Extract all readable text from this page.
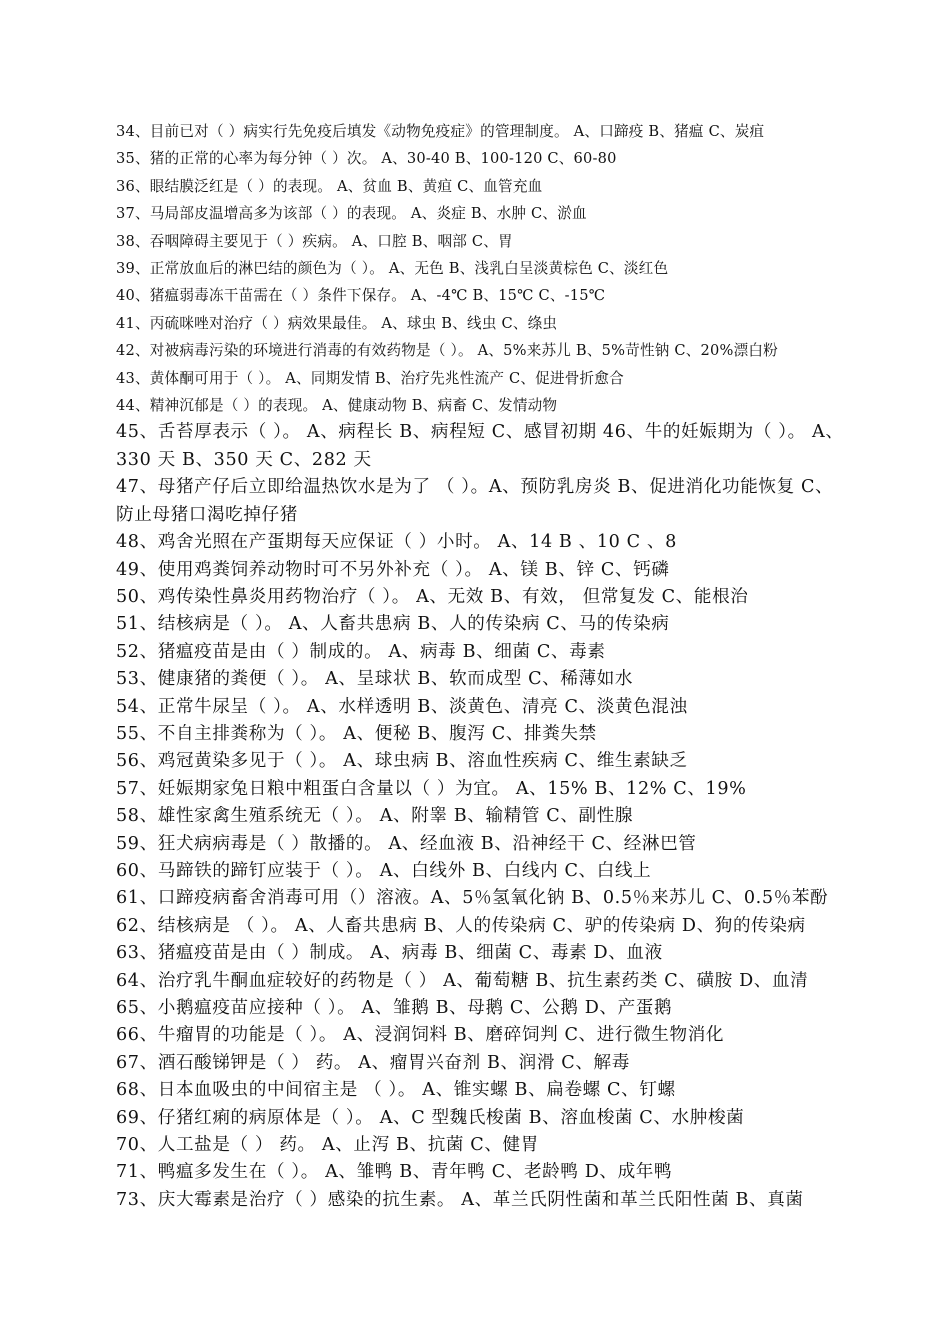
34、目前已对（ ）病实行先免疫后填发《动物免疫症》的管理制度。 A、口蹄疫 B、猪瘟 C、炭疽
35、猪的正常的心率为每分钟（ ）次。 A、30-40 B、100-120 C、60-80
36、眼结膜泛红是（ ）的表现。 A、贫血 B、黄疸 C、血管充血
37、马局部皮温增高多为该部（ ）的表现。 A、炎症 B、水肿 C、淤血
38、吞咽障碍主要见于（ ）疾病。 A、口腔 B、咽部 C、胃
39、正常放血后的淋巴结的颜色为（ ）。 A、无色 B、浅乳白呈淡黄棕色 C、淡红色
40、猪瘟弱毒冻干苗需在（ ）条件下保存。 A、-4℃ B、15℃ C、-15℃
41、丙硫咪唑对治疗（ ）病效果最佳。 A、球虫 B、线虫 C、绦虫
42、对被病毒污染的环境进行消毒的有效药物是（ ）。 A、5%来苏儿 B、5%苛性钠 C、20%漂白粉
43、黄体酮可用于（ ）。 A、同期发情 B、治疗先兆性流产 C、促进骨折愈合
44、精神沉郁是（ ）的表现。 A、健康动物 B、病畜 C、发情动物
45、舌苔厚表示（ ）。 A、病程长 B、病程短 C、感冒初期 46、牛的妊娠期为（ ）。 A、330 天 B、350 天 C、282 天
47、母猪产仔后立即给温热饮水是为了 （ ）。A、预防乳房炎 B、促进消化功能恢复 C、防止母猪口渴吃掉仔猪
48、鸡舍光照在产蛋期每天应保证（ ）小时。 A、14 B 、10 C 、8
49、使用鸡粪饲养动物时可不另外补充（ ）。 A、镁 B、锌 C、钙磷
50、鸡传染性鼻炎用药物治疗（ ）。 A、无效 B、有效， 但常复发 C、能根治
51、结核病是（ ）。 A、人畜共患病 B、人的传染病 C、马的传染病
52、猪瘟疫苗是由（ ）制成的。 A、病毒 B、细菌 C、毒素
53、健康猪的粪便（ ）。 A、呈球状 B、软而成型 C、稀薄如水
54、正常牛尿呈（ ）。 A、水样透明 B、淡黄色、清亮 C、淡黄色混浊
55、不自主排粪称为（ ）。 A、便秘 B、腹泻 C、排粪失禁
56、鸡冠黄染多见于（ ）。 A、球虫病 B、溶血性疾病 C、维生素缺乏
57、妊娠期家兔日粮中粗蛋白含量以（ ）为宜。 A、15% B、12% C、19%
58、雄性家禽生殖系统无（ ）。 A、附睾 B、输精管 C、副性腺
59、狂犬病病毒是（ ）散播的。 A、经血液 B、沿神经干 C、经淋巴管
60、马蹄铁的蹄钉应装于（ ）。 A、白线外 B、白线内 C、白线上
61、口蹄疫病畜舍消毒可用（）溶液。A、5％氢氧化钠 B、0.5％来苏儿 C、0.5％苯酚
62、结核病是 （ ）。 A、人畜共患病 B、人的传染病 C、驴的传染病 D、狗的传染病
63、猪瘟疫苗是由（ ）制成。 A、病毒 B、细菌 C、毒素 D、血液
64、治疗乳牛酮血症较好的药物是（ ） A、葡萄糖 B、抗生素药类 C、磺胺 D、血清
65、小鹅瘟疫苗应接种（ ）。 A、雏鹅 B、母鹅 C、公鹅 D、产蛋鹅
66、牛瘤胃的功能是（ ）。 A、浸润饲料 B、磨碎饲判 C、进行微生物消化
67、酒石酸锑钾是（ ） 药。 A、瘤胃兴奋剂 B、润滑 C、解毒
68、日本血吸虫的中间宿主是 （ ）。 A、锥实螺 B、扁卷螺 C、钉螺
69、仔猪红痢的病原体是（ ）。 A、C 型魏氏梭菌 B、溶血梭菌 C、水肿梭菌
70、人工盐是（ ） 药。 A、止泻 B、抗菌 C、健胃
71、鸭瘟多发生在（ ）。 A、雏鸭 B、青年鸭 C、老龄鸭 D、成年鸭
73、庆大霉素是治疗（ ）感染的抗生素。 A、革兰氏阴性菌和革兰氏阳性菌 B、真菌
